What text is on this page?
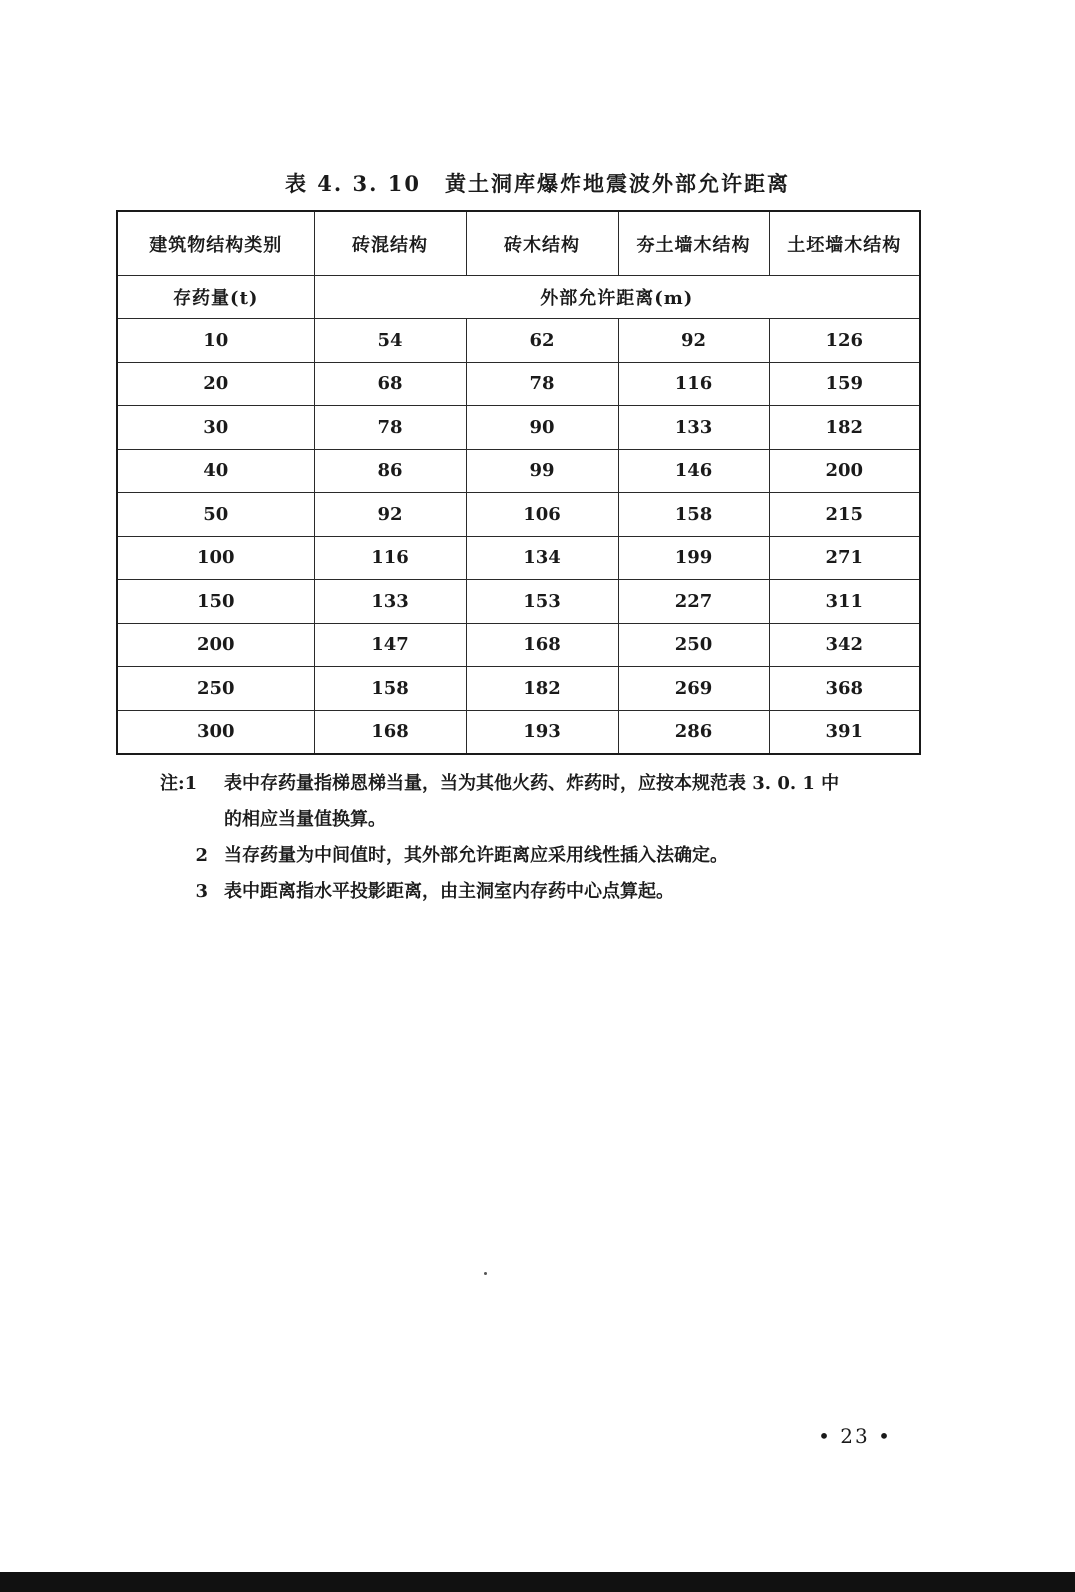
表 4. 3. 10 黄土洞库爆炸地震波外部允许距离
建筑物结构类别	砖混结构	砖木结构	夯土墙木结构	土坯墙木结构
存药量(t)	外部允许距离(m)			
10	54	62	92	126
20	68	78	116	159
30	78	90	133	182
40	86	99	146	200
50	92	106	158	215
100	116	134	199	271
150	133	153	227	311
200	147	168	250	342
250	158	182	269	368
300	168	193	286	391
注:1	表中存药量指梯恩梯当量，当为其他火药、炸药时，应按本规范表 3. 0. 1 中
的相应当量值换算。
2 当存药量为中间值时，其外部允许距离应采用线性插入法确定。
3 表中距离指水平投影距离，由主洞室内存药中心点算起。
• 23 •
